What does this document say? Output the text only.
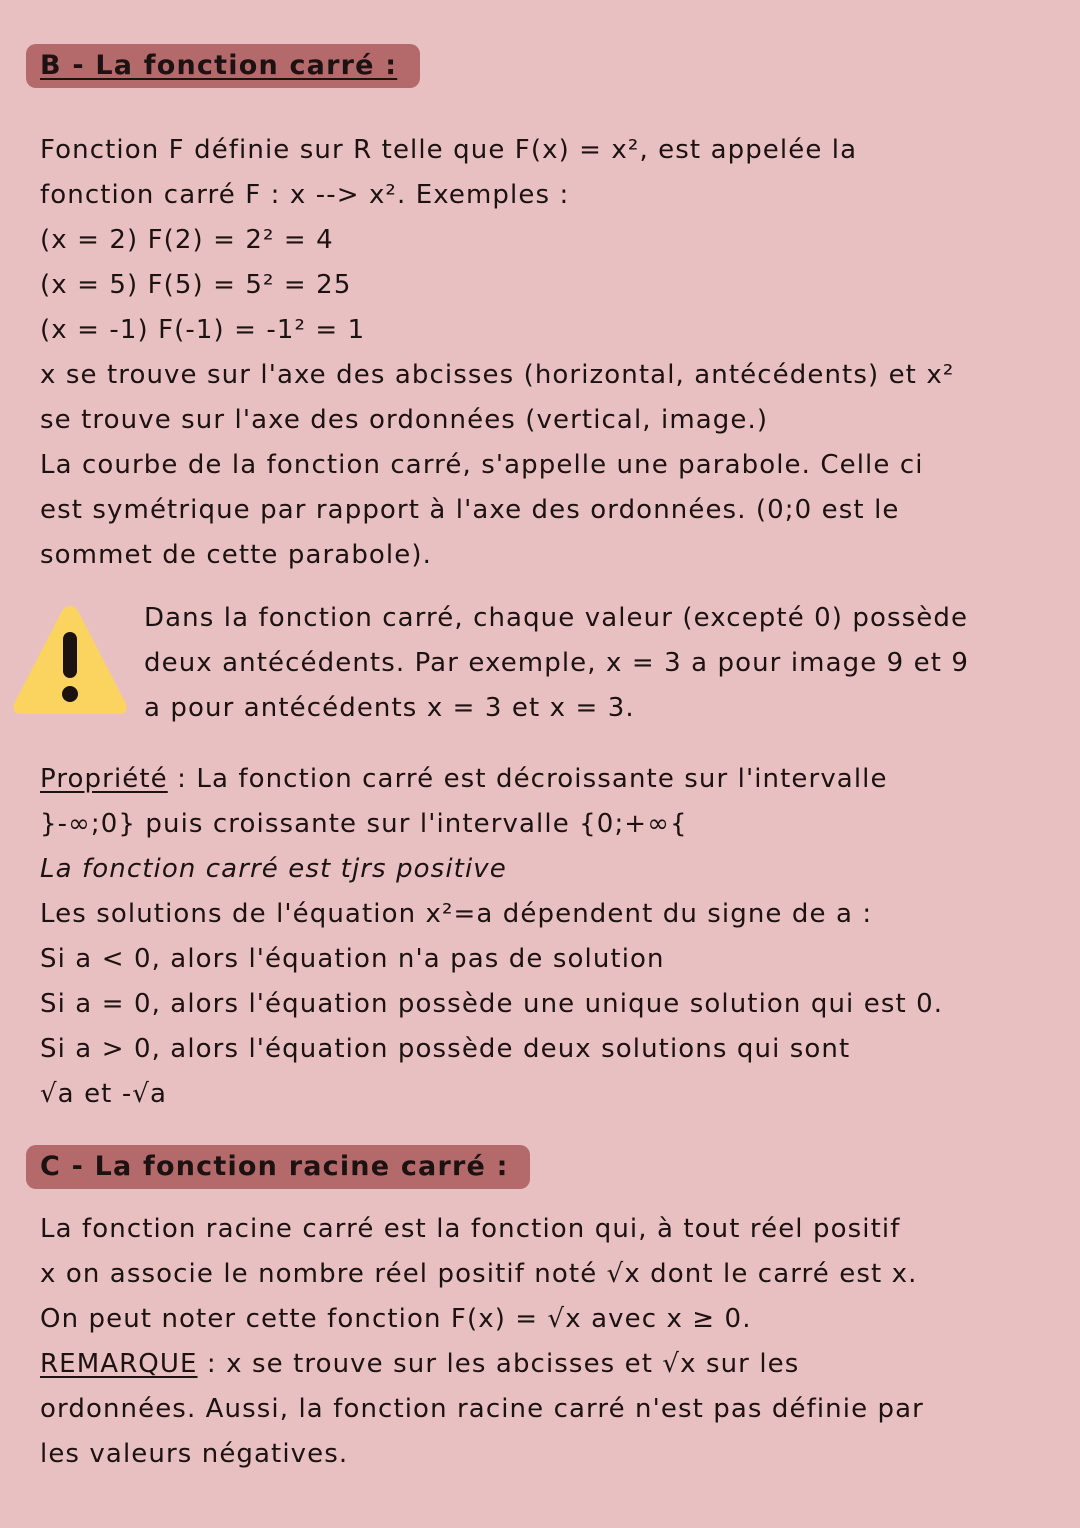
B - La fonction carré :
Fonction F définie sur R telle que F(x) = x², est appelée la
fonction carré F : x --> x². Exemples :
(x = 2) F(2) = 2² = 4
(x = 5) F(5) = 5² = 25
(x = -1) F(-1) = -1² = 1
x se trouve sur l'axe des abcisses (horizontal, antécédents) et x²
se trouve sur l'axe des ordonnées (vertical, image.)
La courbe de la fonction carré, s'appelle une parabole. Celle ci
est symétrique par rapport à l'axe des ordonnées. (0;0 est le
sommet de cette parabole).
Dans la fonction carré, chaque valeur (excepté 0) possède
deux antécédents. Par exemple, x = 3 a pour image 9 et 9
a pour antécédents x = 3 et x = 3.
Propriété : La fonction carré est décroissante sur l'intervalle
}-∞;0} puis croissante sur l'intervalle {0;+∞{
La fonction carré est tjrs positive
Les solutions de l'équation x²=a dépendent du signe de a :
Si a < 0, alors l'équation n'a pas de solution
Si a = 0, alors l'équation possède une unique solution qui est 0.
Si a > 0, alors l'équation possède deux solutions qui sont
√a et -√a
C - La fonction racine carré :
La fonction racine carré est la fonction qui, à tout réel positif
x on associe le nombre réel positif noté √x dont le carré est x.
On peut noter cette fonction F(x) = √x avec x ≥ 0.
REMARQUE : x se trouve sur les abcisses et √x sur les
ordonnées. Aussi, la fonction racine carré n'est pas définie par
les valeurs négatives.
